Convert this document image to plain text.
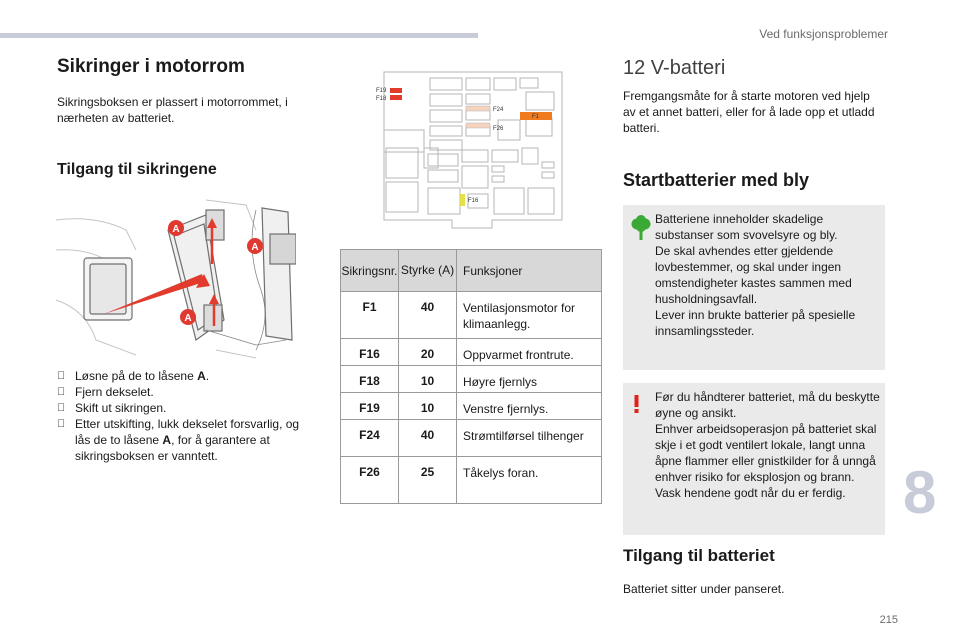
Ved funksjonsproblemer
Sikringer i motorrom
Sikringsboksen er plassert i motorrommet, i nærheten av batteriet.
Tilgang til sikringene
A
A
A
Løsne på de to låsene A.
Fjern dekselet.
Skift ut sikringen.
Etter utskifting, lukk dekselet forsvarlig, og lås de to låsene A, for å garantere at sikringsboksen er vanntett.
F19
F18
F24
F26
F1
F16
Sikringsnr.	Styrke (A)	Funksjoner
F1	40	Ventilasjonsmotor for klimaanlegg.
F16	20	Oppvarmet frontrute.
F18	10	Høyre fjernlys
F19	10	Venstre fjernlys.
F24	40	Strømtilførsel tilhenger
F26	25	Tåkelys foran.
12 V-batteri
Fremgangsmåte for å starte motoren ved hjelp av et annet batteri, eller for å lade opp et utladd batteri.
Startbatterier med bly
Batteriene inneholder skadelige substanser som svovelsyre og bly.
De skal avhendes etter gjeldende lovbestemmer, og skal under ingen omstendigheter kastes sammen med husholdningsavfall.
Lever inn brukte batterier på spesielle innsamlingssteder.
Før du håndterer batteriet, må du beskytte øyne og ansikt.
Enhver arbeidsoperasjon på batteriet skal skje i et godt ventilert lokale, langt unna åpne flammer eller gnistkilder for å unngå enhver risiko for eksplosjon og brann.
Vask hendene godt når du er ferdig.
Tilgang til batteriet
Batteriet sitter under panseret.
8
215
